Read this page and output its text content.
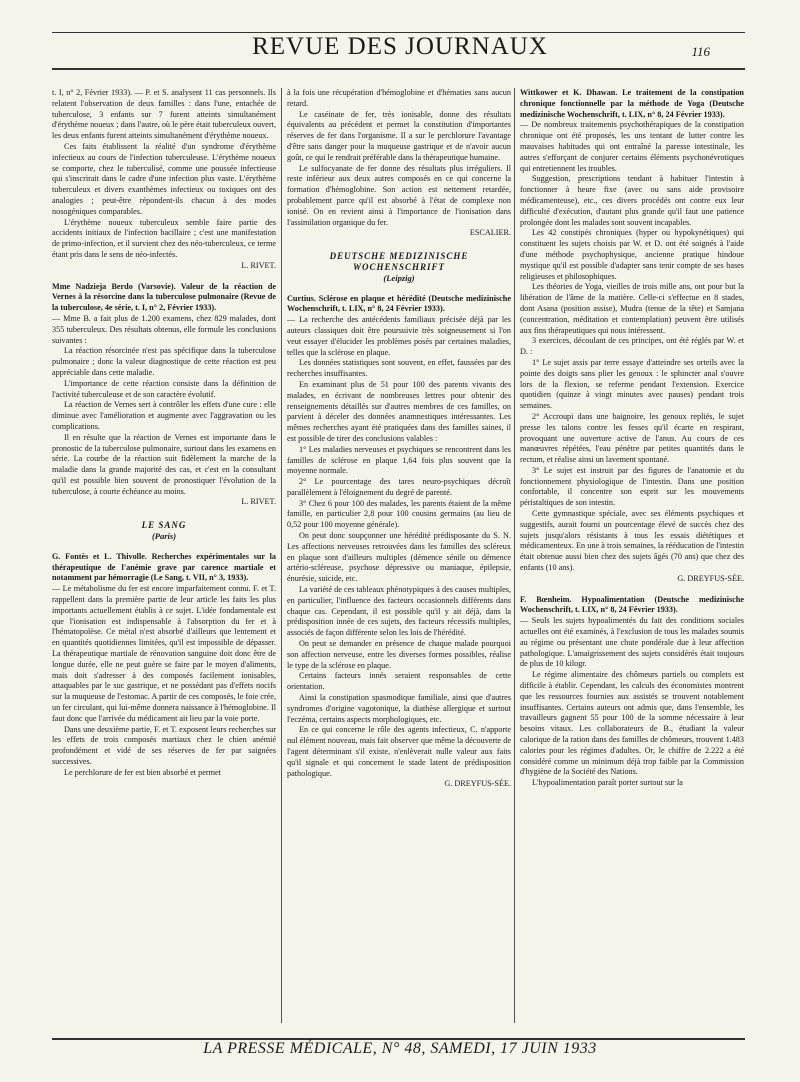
REVUE DES JOURNAUX	116

t. I, n° 2, Février 1933). — P. et S. analysent 11 cas personnels. Ils relatent l'observation de deux familles : dans l'une, entachée de tuberculose, 3 enfants sur 7 furent atteints simultanément d'érythème noueux ; dans l'autre, où le père était tuberculeux ouvert, les deux enfants furent atteints simultanément d'érythème noueux.

Ces faits établissent la réalité d'un syndrome d'érythème infectieux au cours de l'infection tuberculeuse. L'érythème noueux se comporte, chez le tuberculisé, comme une poussée infectieuse qui s'inscrirait dans le cadre d'une infection plus vaste. L'érythème tuberculeux et divers exanthèmes infectieux ou toxiques ont des analogies ; peut-être répondent-ils chacun à des modes nosogéniques comparables.

L'érythème noueux tuberculeux semble faire partie des accidents initiaux de l'infection bacillaire ; c'est une manifestation de primo-infection, et il survient chez des néo-tuberculeux, ce terme étant pris dans le sens de néo-infectés.

L. RIVET.

Mme Nadzieja Berdo (Varsovie). Valeur de la réaction de Vernes à la résorcine dans la tuberculose pulmonaire (Revue de la tuberculose, 4e série, t. I, n° 2, Février 1933).

— Mme B. a fait plus de 1.200 examens, chez 829 malades, dont 355 tuberculeux. Des résultats obtenus, elle formule les conclusions suivantes :

La réaction résorcinée n'est pas spécifique dans la tuberculose pulmonaire ; donc la valeur diagnostique de cette réaction est peu appréciable dans cette maladie.

L'importance de cette réaction consiste dans la définition de l'activité tuberculeuse et de son caractère évolutif.

La réaction de Vernes sert à contrôler les effets d'une cure : elle diminue avec l'amélioration et augmente avec l'aggravation ou les complications.

Il en résulte que la réaction de Vernes est importante dans le pronostic de la tuberculose pulmonaire, surtout dans les examens en série. La courbe de la réaction suit fidèlement la marche de la maladie dans la grande majorité des cas, et c'est en la consultant qu'il est possible bien souvent de pronostiquer l'évolution de la tuberculose, à courte échéance au moins.

L. RIVET.

LE SANG
(Paris)

G. Fontès et L. Thivolle. Recherches expérimentales sur la thérapeutique de l'anémie grave par carence martiale et notamment par hémorragie (Le Sang, t. VII, n° 3, 1933).

— Le métabolisme du fer est encore imparfaitement connu. F. et T. rappellent dans la première partie de leur article les faits les plus importants actuellement établis à ce sujet. L'idée fondamentale est que l'ionisation est indispensable à l'absorption du fer et à l'hématopoïèse. Ce métal n'est absorbé d'ailleurs que lentement et en quantités quotidiennes limitées, qu'il est impossible de dépasser. La thérapeutique martiale de rénovation sanguine doit donc être de longue durée, elle ne peut guère se faire par le moyen d'aliments, mais doit s'adresser à des composés facilement ionisables, attaquables par le suc gastrique, et ne possédant pas d'effets nocifs sur la muqueuse de l'estomac. A partir de ces composés, le foie crée, un fer circulant, qui lui-même donnera naissance à l'hémoglobine. Il faut donc que l'arrivée du médicament ait lieu par la voie porte.

Dans une deuxième partie, F. et T. exposent leurs recherches sur les effets de trois composés martiaux chez le chien anémié profondément et vidé de ses réserves de fer par saignées successives.

Le perchlorure de fer est bien absorbé et permet

à la fois une récupération d'hémoglobine et d'hématies sans aucun retard.

Le caséinate de fer, très ionisable, donne des résultats équivalents au précédent et permet la constitution d'importantes réserves de fer dans l'organisme. Il a sur le perchlorure l'avantage d'être sans danger pour la muqueuse gastrique et de n'avoir aucun goût, ce qui le rendrait préférable dans la thérapeutique humaine.

Le sulfocyanate de fer donne des résultats plus irréguliers. Il reste inférieur aux deux autres composés en ce qui concerne la formation d'hémoglobine. Son action est nettement retardée, probablement parce qu'il est absorbé à l'état de complexe non ionisé. On en revient ainsi à l'importance de l'ionisation dans l'assimilation organique du fer.

ESCALIER.

DEUTSCHE MEDIZINISCHE WOCHENSCHRIFT
(Leipzig)

Curtius. Sclérose en plaque et hérédité (Deutsche medizinische Wochenschrift, t. LIX, n° 8, 24 Février 1933).

— La recherche des antécédents familiaux précisée déjà par les auteurs classiques doit être poursuivie très soigneusement si l'on veut essayer d'élucider les problèmes posés par certaines maladies, telles que la sclérose en plaque.

Les données statistiques sont souvent, en effet, faussées par des recherches insuffisantes.

En examinant plus de 51 pour 100 des parents vivants des malades, en écrivant de nombreuses lettres pour obtenir des renseignements détaillés sur d'autres membres de ces familles, on parvient à déceler des données anamnestiques intéressantes. Les mêmes recherches ayant été pratiquées dans des familles saines, il est possible de tirer des conclusions valables :

1° Les maladies nerveuses et psychiques se rencontrent dans les familles de sclérose en plaque 1,64 fois plus souvent que la moyenne normale.

2° Le pourcentage des tares neuro-psychiques décroît parallèlement à l'éloignement du degré de parenté.

3° Chez 6 pour 100 des malades, les parents étaient de la même famille, en particulier 2,8 pour 100 cousins germains (au lieu de 0,52 pour 100 moyenne générale).

On peut donc soupçonner une hérédité prédisposante du S. N. Les affections nerveuses retrouvées dans les familles des scléreux en plaque sont d'ailleurs multiples (démence sénile ou démence artério-scléreuse, psychose dépressive ou maniaque, épilepsie, énurésie, suicide, etc.

La variété de ces tableaux phénotypiques à des causes multiples, en particulier, l'influence des facteurs occasionnels différents dans chaque cas. Cependant, il est possible qu'il y ait déjà, dans la prédisposition innée de ces sujets, des facteurs récessifs multiples, associés de façon différente selon les lois de l'hérédité.

On peut se demander en présence de chaque malade pourquoi son affection nerveuse, entre les diverses formes possibles, réalise le type de la sclérose en plaque.

Certains facteurs innés seraient responsables de cette orientation.

Ainsi la constipation spasmodique familiale, ainsi que d'autres syndromes d'origine vagotonique, la diathèse allergique et surtout l'eczéma, certains aspects morphologiques, etc.

En ce qui concerne le rôle des agents infectieux, C. n'apporte nul élément nouveau, mais fait observer que même la découverte de l'agent déterminant s'il existe, n'enlèverait nulle valeur aux faits qu'il signale et qui concernent le stade latent de prédisposition pathologique.

G. DREYFUS-SÉE.

Wittkower et K. Dhawan. Le traitement de la constipation chronique fonctionnelle par la méthode de Yoga (Deutsche medizinische Wochenschrift, t. LIX, n° 8, 24 Février 1933).

— De nombreux traitements psychothérapiques de la constipation chronique ont été proposés, les uns tentant de lutter contre les mauvaises habitudes qui ont entraîné la paresse intestinale, les autres s'efforçant de conjurer certains éléments psychonévrotiques qui entretiennent les troubles.

Suggestion, prescriptions tendant à habituer l'intestin à fonctionner à heure fixe (avec ou sans aide provisoire médicamenteuse), etc., ces divers procédés ont contre eux leur difficulté d'exécution, d'autant plus grande qu'il faut une patience prolongée dont les malades sont souvent incapables.

Les 42 constipés chroniques (hyper ou hypokynétiques) qui constituent les sujets choisis par W. et D. ont été soignés à l'aide d'une méthode psychophysique, ancienne pratique hindoue mystique qu'il est possible d'adapter sans tenir compte de ses bases religieuses et philosophiques.

Les théories de Yoga, vieilles de trois mille ans, ont pour but la libération de l'âme de la matière. Celle-ci s'effectue en 8 stades, dont Asana (position assise), Mudra (tenue de la tête) et Samjana (concentration, méditation et contemplation) peuvent être utilisés aux fins thérapeutiques qui nous intéressent.

3 exercices, découlant de ces principes, ont été réglés par W. et D. :

1° Le sujet assis par terre essaye d'atteindre ses orteils avec la pointe des doigts sans plier les genoux : le sphincter anal s'ouvre lors de la flexion, se referme pendant l'extension. Exercice quotidien (quinze à vingt minutes avec pauses) pendant trois semaines.

2° Accroupi dans une baignoire, les genoux repliés, le sujet presse les talons contre les fesses qu'il écarte en respirant, provoquant une ouverture active de l'anus. Au cours de ces manœuvres répétées, l'eau pénètre par petites quantités dans le rectum, et réalise ainsi un lavement spontané.

3° Le sujet est instruit par des figures de l'anatomie et du fonctionnement physiologique de l'intestin. Dans une position confortable, il concentre son esprit sur les mouvements péristaltiques de son intestin.

Cette gymnastique spéciale, avec ses éléments psychiques et suggestifs, aurait fourni un pourcentage élevé de succès chez des sujets jusqu'alors résistants à tous les essais diététiques et médicamenteux. En une à trois semaines, la rééducation de l'intestin était obtenue aussi bien chez des sujets âgés (70 ans) que chez des enfants (10 ans).

G. DREYFUS-SÉE.

F. Bœnheim. Hypoalimentation (Deutsche medizinische Wochenschrift, t. LIX, n° 8, 24 Février 1933).

— Seuls les sujets hypoalimentés du fait des conditions sociales actuelles ont été examinés, à l'exclusion de tous les malades soumis au régime ou présentant une chute pondérale due à leur affection pathologique. L'amaigrissement des sujets considérés était toujours de plus de 10 kilogr.

Le régime alimentaire des chômeurs partiels ou complets est difficile à établir. Cependant, les calculs des économistes montrent que les ressources fournies aux assistés se trouvent notablement insuffisantes. Certains auteurs ont admis que, dans l'ensemble, les travailleurs gagnent 55 pour 100 de la somme nécessaire à leur besoins vitaux. Les collaborateurs de B., étudiant la valeur calorique de la ration dans des familles de chômeurs, trouvent 1.483 calories pour les régimes d'adultes. Or, le chiffre de 2.222 a été considéré comme un minimum déjà trop faible par la Commission d'hygiène de la Société des Nations.

L'hypoalimentation paraît porter surtout sur la

LA PRESSE MÉDICALE, N° 48, SAMEDI, 17 JUIN 1933
